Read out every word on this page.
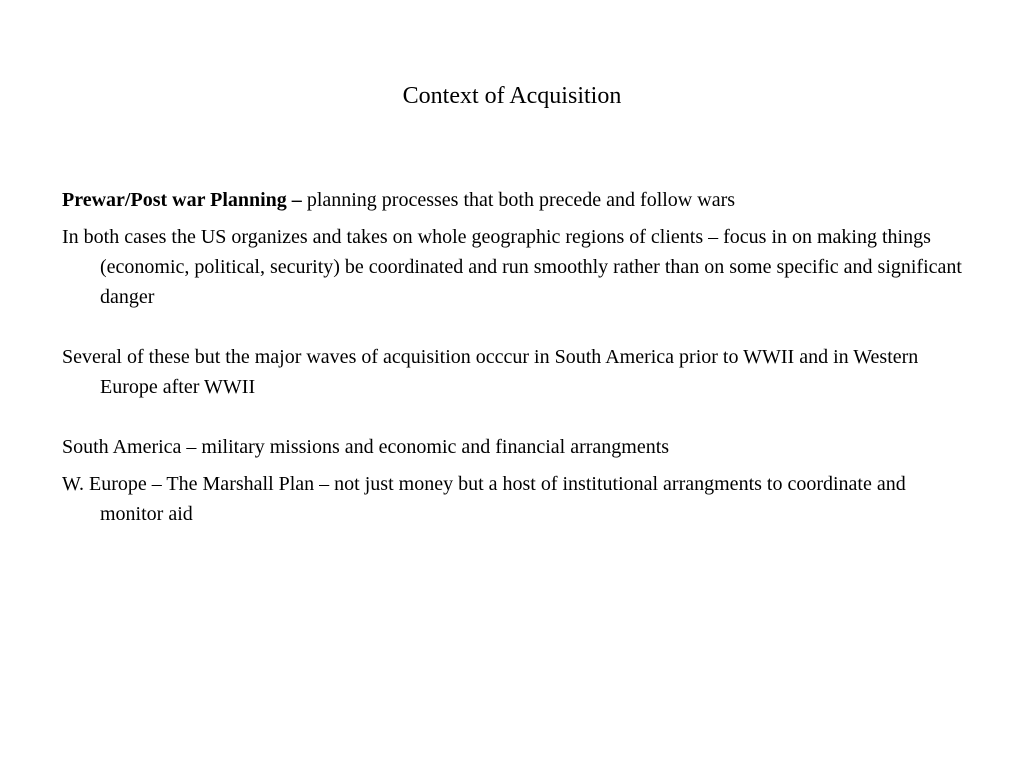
Context of Acquisition

Prewar/Post war Planning – planning processes that both precede and follow wars

In both cases the US organizes and takes on whole geographic regions of clients – focus in on making things (economic, political, security) be coordinated and run smoothly rather than on some specific and significant danger

Several of these but the major waves of acquisition occcur in South America prior to WWII and in Western Europe after WWII

South America – military missions and economic and financial arrangments

W. Europe – The Marshall Plan – not just money but a host of institutional arrangments to coordinate and monitor aid
